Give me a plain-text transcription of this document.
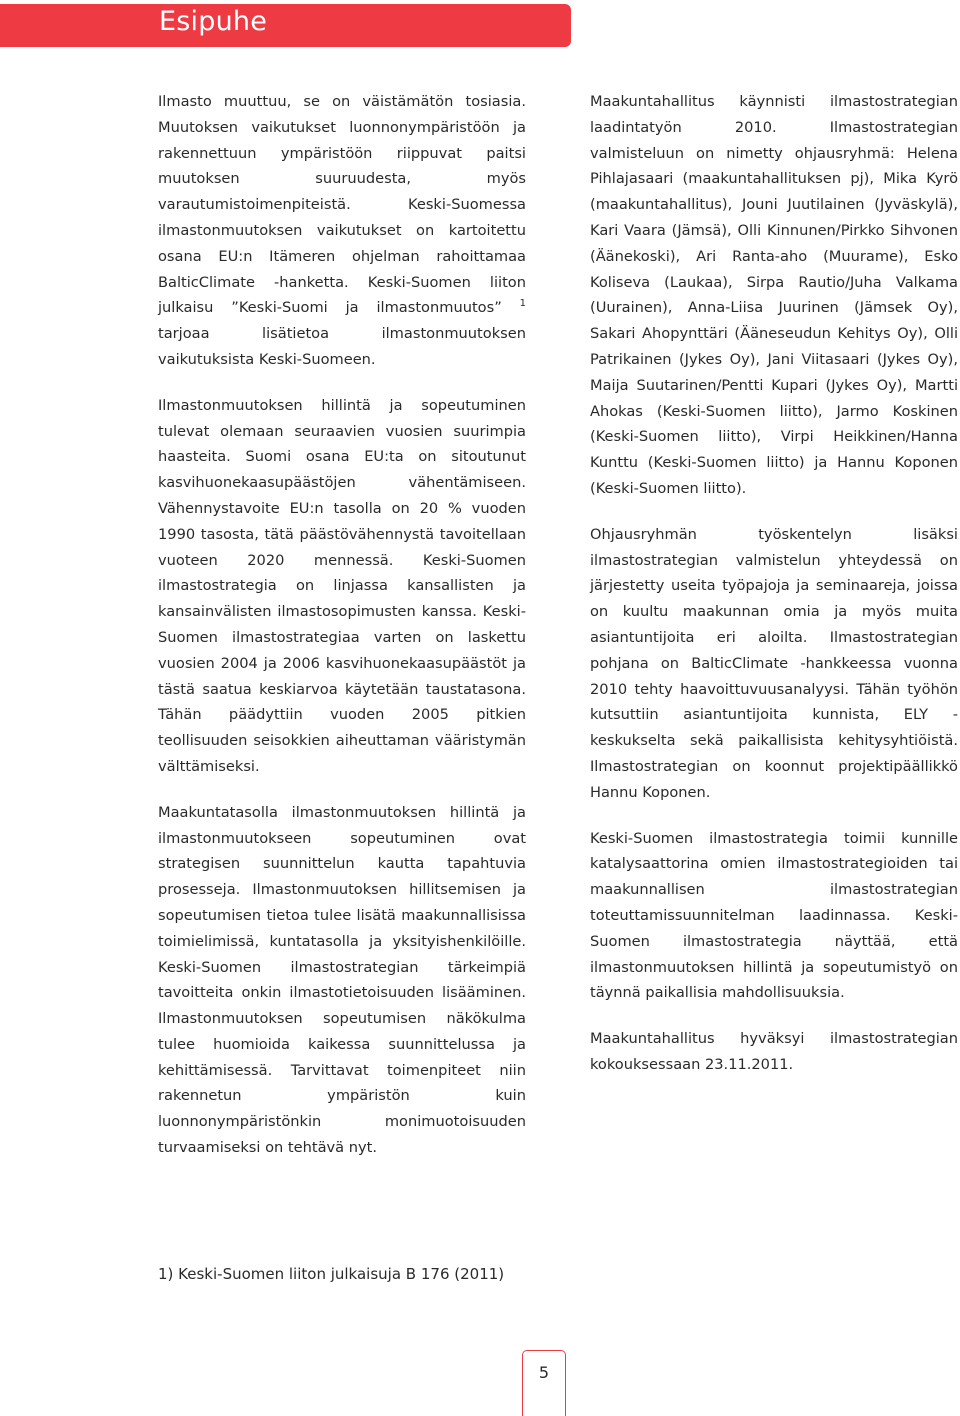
Esipuhe

Ilmasto muuttuu, se on väistämätön tosiasia. Muutoksen vaikutukset luonnonympäristöön ja rakennettuun ympäristöön riippuvat paitsi muutoksen suuruudesta, myös varautumistoimenpiteistä. Keski-Suomessa ilmastonmuutoksen vaikutukset on kartoitettu osana EU:n Itämeren ohjelman rahoittamaa BalticClimate -hanketta. Keski-Suomen liiton julkaisu ”Keski-Suomi ja ilmastonmuutos” $^1$ tarjoaa lisätietoa ilmastonmuutoksen vaikutuksista Keski-Suomeen.

Ilmastonmuutoksen hillintä ja sopeutuminen tulevat olemaan seuraavien vuosien suurimpia haasteita. Suomi osana EU:ta on sitoutunut kasvihuonekaasupäästöjen vähentämiseen. Vähennystavoite EU:n tasolla on 20 % vuoden 1990 tasosta, tätä päästövähennystä tavoitellaan vuoteen 2020 mennessä. Keski-Suomen ilmastostrategia on linjassa kansallisten ja kansainvälisten ilmastosopimusten kanssa. Keski-Suomen ilmastostrategiaa varten on laskettu vuosien 2004 ja 2006 kasvihuonekaasupäästöt ja tästä saatua keskiarvoa käytetään taustatasona. Tähän päädyttiin vuoden 2005 pitkien teollisuuden seisokkien aiheuttaman vääristymän välttämiseksi.

Maakuntatasolla ilmastonmuutoksen hillintä ja ilmastonmuutokseen sopeutuminen ovat strategisen suunnittelun kautta tapahtuvia prosesseja. Ilmastonmuutoksen hillitsemisen ja sopeutumisen tietoa tulee lisätä maakunnallisissa toimielimissä, kuntatasolla ja yksityishenkilöille. Keski-Suomen ilmastostrategian tärkeimpiä tavoitteita onkin ilmastotietoisuuden lisääminen. Ilmastonmuutoksen sopeutumisen näkökulma tulee huomioida kaikessa suunnittelussa ja kehittämisessä. Tarvittavat toimenpiteet niin rakennetun ympäristön kuin luonnonympäristönkin monimuotoisuuden turvaamiseksi on tehtävä nyt.

Maakuntahallitus käynnisti ilmastostrategian laadintatyön 2010. Ilmastostrategian valmisteluun on nimetty ohjausryhmä: Helena Pihlajasaari (maakuntahallituksen pj), Mika Kyrö (maakuntahallitus), Jouni Juutilainen (Jyväskylä), Kari Vaara (Jämsä), Olli Kinnunen/Pirkko Sihvonen (Äänekoski), Ari Ranta-aho (Muurame), Esko Koliseva (Laukaa), Sirpa Rautio/Juha Valkama (Uurainen), Anna-Liisa Juurinen (Jämsek Oy), Sakari Ahopynttäri (Ääneseudun Kehitys Oy), Olli Patrikainen (Jykes Oy), Jani Viitasaari (Jykes Oy), Maija Suutarinen/Pentti Kupari (Jykes Oy), Martti Ahokas (Keski-Suomen liitto), Jarmo Koskinen (Keski-Suomen liitto), Virpi Heikkinen/Hanna Kunttu (Keski-Suomen liitto) ja Hannu Koponen (Keski-Suomen liitto).

Ohjausryhmän työskentelyn lisäksi ilmastostrategian valmistelun yhteydessä on järjestetty useita työpajoja ja seminaareja, joissa on kuultu maakunnan omia ja myös muita asiantuntijoita eri aloilta. Ilmastostrategian pohjana on BalticClimate -hankkeessa vuonna 2010 tehty haavoittuvuusanalyysi. Tähän työhön kutsuttiin asiantuntijoita kunnista, ELY -keskukselta sekä paikallisista kehitysyhtiöistä. Ilmastostrategian on koonnut projektipäällikkö Hannu Koponen.

Keski-Suomen ilmastostrategia toimii kunnille katalysaattorina omien ilmastostrategioiden tai maakunnallisen ilmastostrategian toteuttamissuunnitelman laadinnassa. Keski-Suomen ilmastostrategia näyttää, että ilmastonmuutoksen hillintä ja sopeutumistyö on täynnä paikallisia mahdollisuuksia.

Maakuntahallitus hyväksyi ilmastostrategian kokouksessaan 23.11.2011.

1) Keski-Suomen liiton julkaisuja B 176 (2011)
5
